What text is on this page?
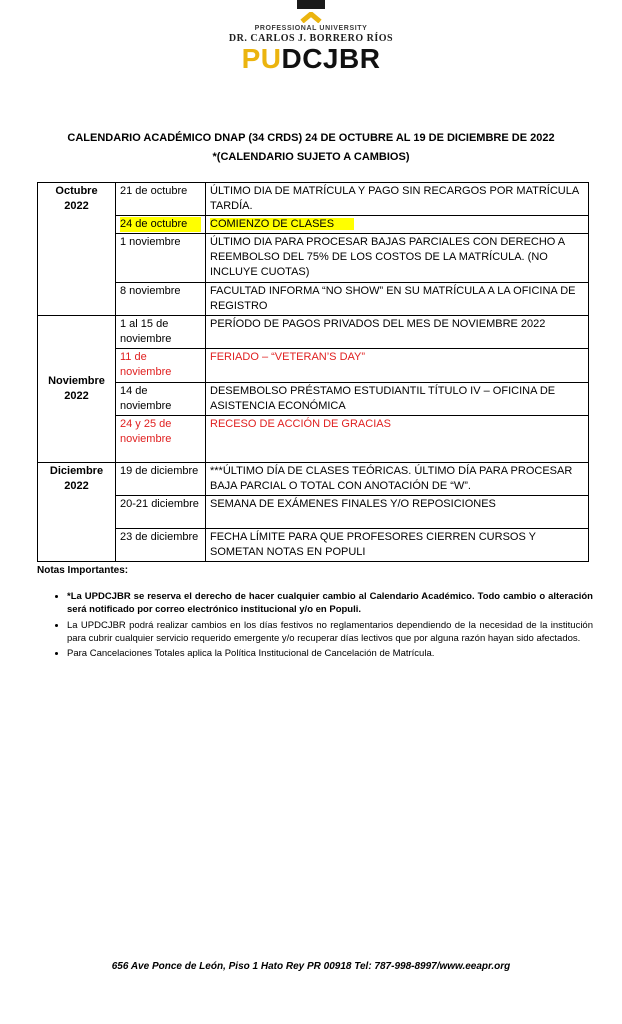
PROFESSIONAL UNIVERSITY
DR. CARLOS J. BORRERO RÍOS
PUDCJBR
CALENDARIO ACADÉMICO DNAP (34 CRDS) 24 DE OCTUBRE AL 19 DE DICIEMBRE DE 2022
*(CALENDARIO SUJETO A CAMBIOS)
Octubre
2022	21 de octubre	ÚLTIMO DIA DE MATRÍCULA Y PAGO SIN RECARGOS POR MATRÍCULA TARDÍA.
	24 de octubre	COMIENZO DE CLASES
	1 noviembre	ÚLTIMO DIA PARA PROCESAR BAJAS PARCIALES CON DERECHO A REEMBOLSO DEL 75% DE LOS COSTOS DE LA MATRÍCULA. (NO INCLUYE CUOTAS)
	8 noviembre	FACULTAD INFORMA “NO SHOW” EN SU MATRÍCULA A LA OFICINA DE REGISTRO

Noviembre
2022	1 al 15 de noviembre	PERÍODO DE PAGOS PRIVADOS DEL MES DE NOVIEMBRE 2022
	11 de noviembre	FERIADO – “VETERAN’S DAY”
	14 de noviembre	DESEMBOLSO PRÉSTAMO ESTUDIANTIL TÍTULO IV – OFICINA DE ASISTENCIA ECONÓMICA
	24 y 25 de noviembre	RECESO DE ACCIÓN DE GRACIAS

Diciembre
2022	19 de diciembre	***ÚLTIMO DÍA DE CLASES TEÓRICAS. ÚLTIMO DÍA PARA PROCESAR BAJA PARCIAL O TOTAL CON ANOTACIÓN DE “W”.
	20-21 diciembre	SEMANA DE EXÁMENES FINALES Y/O REPOSICIONES
	23 de diciembre	FECHA LÍMITE PARA QUE PROFESORES CIERREN CURSOS Y SOMETAN NOTAS EN POPULI

Notas Importantes:

• *La UPDCJBR se reserva el derecho de hacer cualquier cambio al Calendario Académico. Todo cambio o alteración será notificado por correo electrónico institucional y/o en Populi.
• La UPDCJBR podrá realizar cambios en los días festivos no reglamentarios dependiendo de la necesidad de la institución para cubrir cualquier servicio requerido emergente y/o recuperar días lectivos que por alguna razón hayan sido afectados.
• Para Cancelaciones Totales aplica la Política Institucional de Cancelación de Matrícula.
656 Ave Ponce de León, Piso 1 Hato Rey PR 00918 Tel: 787-998-8997/www.eeapr.org
